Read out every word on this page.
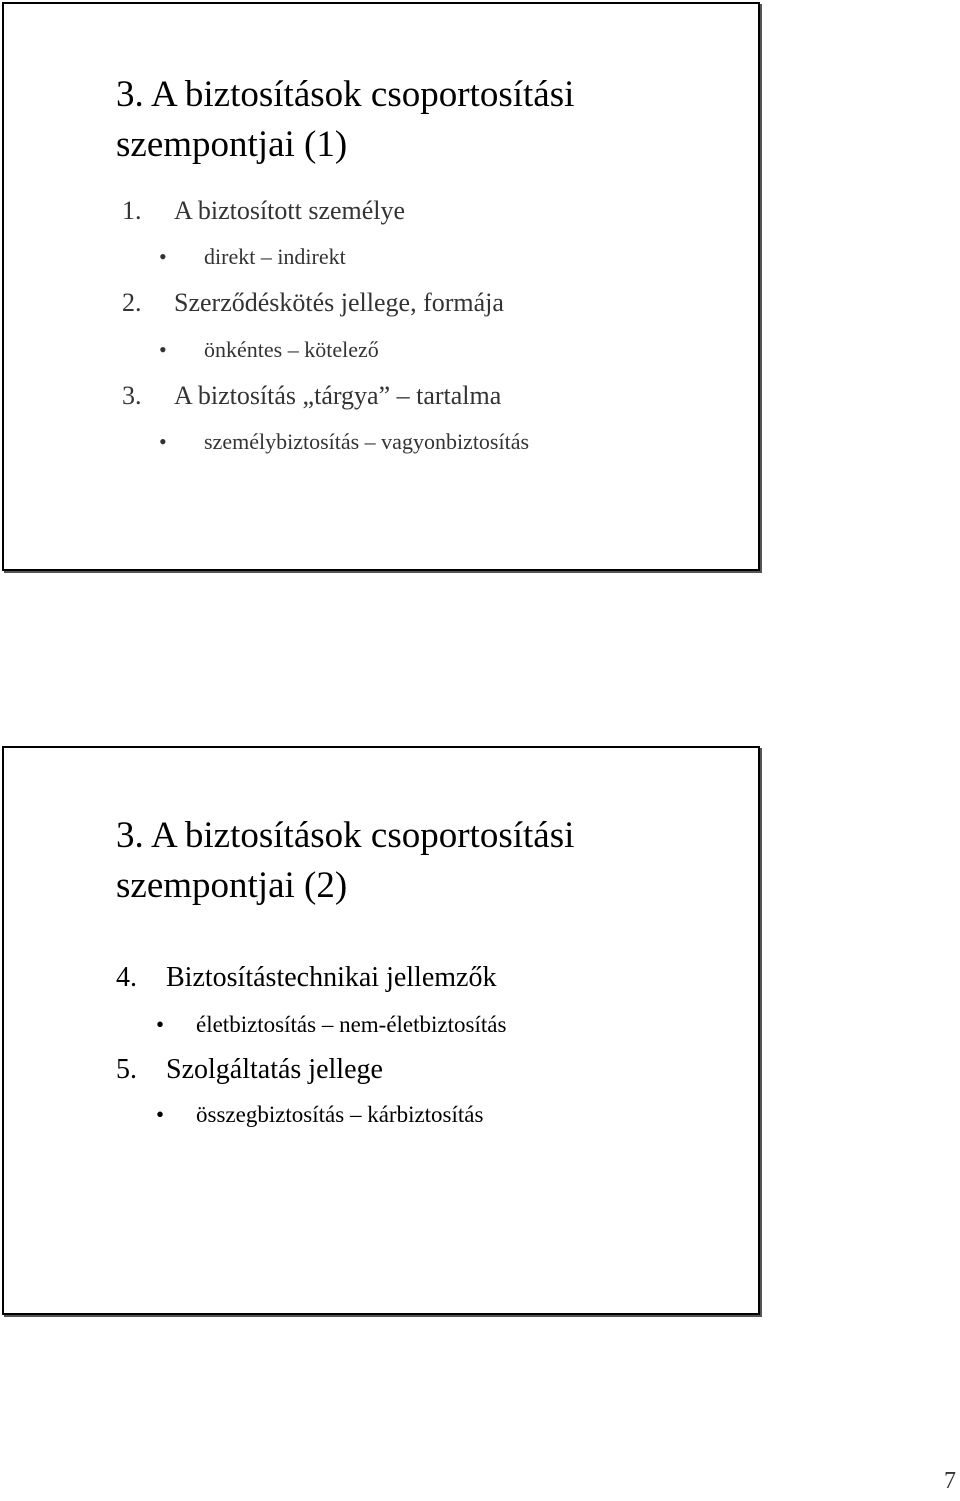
3. A biztosítások csoportosítási
szempontjai (1)
1. A biztosított személye
• direkt – indirekt
2. Szerződéskötés jellege, formája
• önkéntes – kötelező
3. A biztosítás „tárgya” – tartalma
• személybiztosítás – vagyonbiztosítás
3. A biztosítások csoportosítási
szempontjai (2)
4. Biztosítástechnikai jellemzők
• életbiztosítás – nem-életbiztosítás
5. Szolgáltatás jellege
• összegbiztosítás – kárbiztosítás
7
